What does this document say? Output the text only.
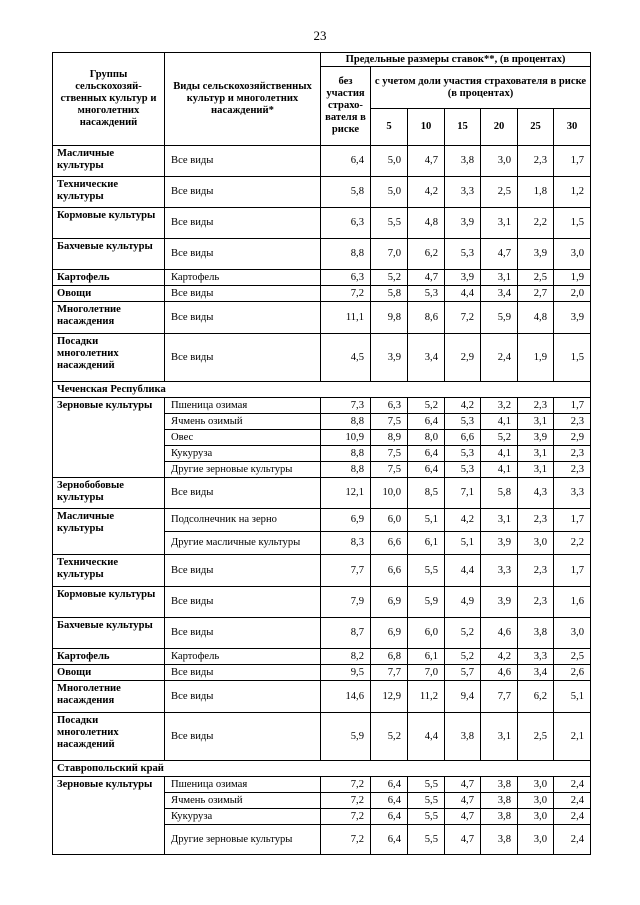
23
Группы сельскохозяй-ственных культур и многолетних насаждений	Виды сельскохозяйственных культур и многолетних насаждений*	Предельные размеры ставок**, (в процентах)						
		без участия страхо-вателя в риске	с учетом доли участия страхователя в риске (в процентах)					
			5	10	15	20	25	30
Масличные культуры	Все виды	6,4	5,0	4,7	3,8	3,0	2,3	1,7
Технические культуры	Все виды	5,8	5,0	4,2	3,3	2,5	1,8	1,2
Кормовые культуры	Все виды	6,3	5,5	4,8	3,9	3,1	2,2	1,5
Бахчевые культуры	Все виды	8,8	7,0	6,2	5,3	4,7	3,9	3,0
Картофель	Картофель	6,3	5,2	4,7	3,9	3,1	2,5	1,9
Овощи	Все виды	7,2	5,8	5,3	4,4	3,4	2,7	2,0
Многолетние насаждения	Все виды	11,1	9,8	8,6	7,2	5,9	4,8	3,9
Посадки многолетних насаждений	Все виды	4,5	3,9	3,4	2,9	2,4	1,9	1,5
Чеченская Республика								
Зерновые культуры	Пшеница озимая	7,3	6,3	5,2	4,2	3,2	2,3	1,7
	Ячмень озимый	8,8	7,5	6,4	5,3	4,1	3,1	2,3
	Овес	10,9	8,9	8,0	6,6	5,2	3,9	2,9
	Кукуруза	8,8	7,5	6,4	5,3	4,1	3,1	2,3
	Другие зерновые культуры	8,8	7,5	6,4	5,3	4,1	3,1	2,3
Зернобобовые культуры	Все виды	12,1	10,0	8,5	7,1	5,8	4,3	3,3
Масличные культуры	Подсолнечник на зерно	6,9	6,0	5,1	4,2	3,1	2,3	1,7
	Другие масличные культуры	8,3	6,6	6,1	5,1	3,9	3,0	2,2
Технические культуры	Все виды	7,7	6,6	5,5	4,4	3,3	2,3	1,7
Кормовые культуры	Все виды	7,9	6,9	5,9	4,9	3,9	2,3	1,6
Бахчевые культуры	Все виды	8,7	6,9	6,0	5,2	4,6	3,8	3,0
Картофель	Картофель	8,2	6,8	6,1	5,2	4,2	3,3	2,5
Овощи	Все виды	9,5	7,7	7,0	5,7	4,6	3,4	2,6
Многолетние насаждения	Все виды	14,6	12,9	11,2	9,4	7,7	6,2	5,1
Посадки многолетних насаждений	Все виды	5,9	5,2	4,4	3,8	3,1	2,5	2,1
Ставропольский край								
Зерновые культуры	Пшеница озимая	7,2	6,4	5,5	4,7	3,8	3,0	2,4
	Ячмень озимый	7,2	6,4	5,5	4,7	3,8	3,0	2,4
	Кукуруза	7,2	6,4	5,5	4,7	3,8	3,0	2,4
	Другие зерновые культуры	7,2	6,4	5,5	4,7	3,8	3,0	2,4
